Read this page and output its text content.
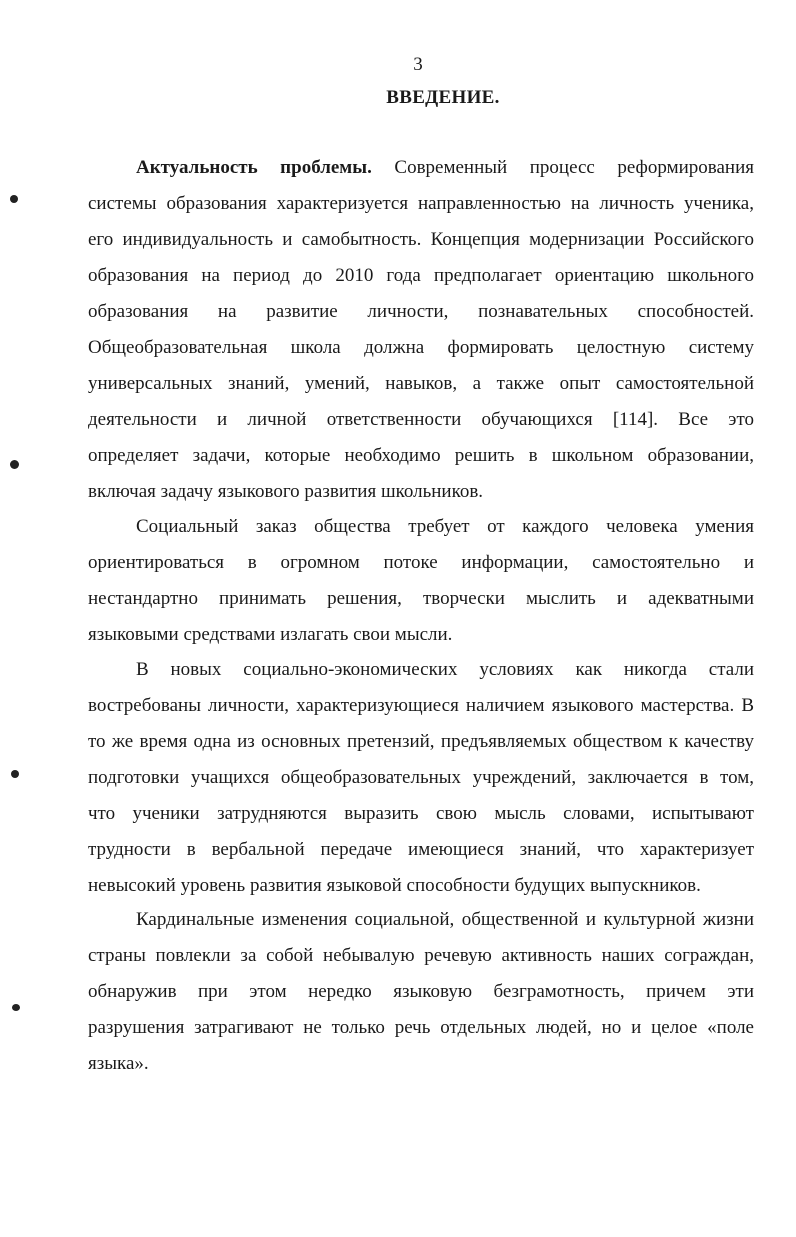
3
ВВЕДЕНИЕ.
Актуальность проблемы. Современный процесс реформирования
системы образования характеризуется направленностью на личность ученика,
его индивидуальность и самобытность. Концепция модернизации Российского
образования на период до 2010 года предполагает ориентацию школьного
образования на развитие личности, познавательных способностей.
Общеобразовательная школа должна формировать целостную систему
универсальных знаний, умений, навыков, а также опыт самостоятельной
деятельности и личной ответственности обучающихся [114]. Все это
определяет задачи, которые необходимо решить в школьном образовании,
включая задачу языкового развития школьников.
Социальный заказ общества требует от каждого человека умения
ориентироваться в огромном потоке информации, самостоятельно и
нестандартно принимать решения, творчески мыслить и адекватными
языковыми средствами излагать свои мысли.
В новых социально-экономических условиях как никогда стали
востребованы личности, характеризующиеся наличием языкового мастерства. В
то же время одна из основных претензий, предъявляемых обществом к качеству
подготовки учащихся общеобразовательных учреждений, заключается в том,
что ученики затрудняются выразить свою мысль словами, испытывают
трудности в вербальной передаче имеющиеся знаний, что характеризует
невысокий уровень развития языковой способности будущих выпускников.
Кардинальные изменения социальной, общественной и культурной жизни
страны повлекли за собой небывалую речевую активность наших сограждан,
обнаружив при этом нередко языковую безграмотность, причем эти
разрушения затрагивают не только речь отдельных людей, но и целое «поле
языка».
